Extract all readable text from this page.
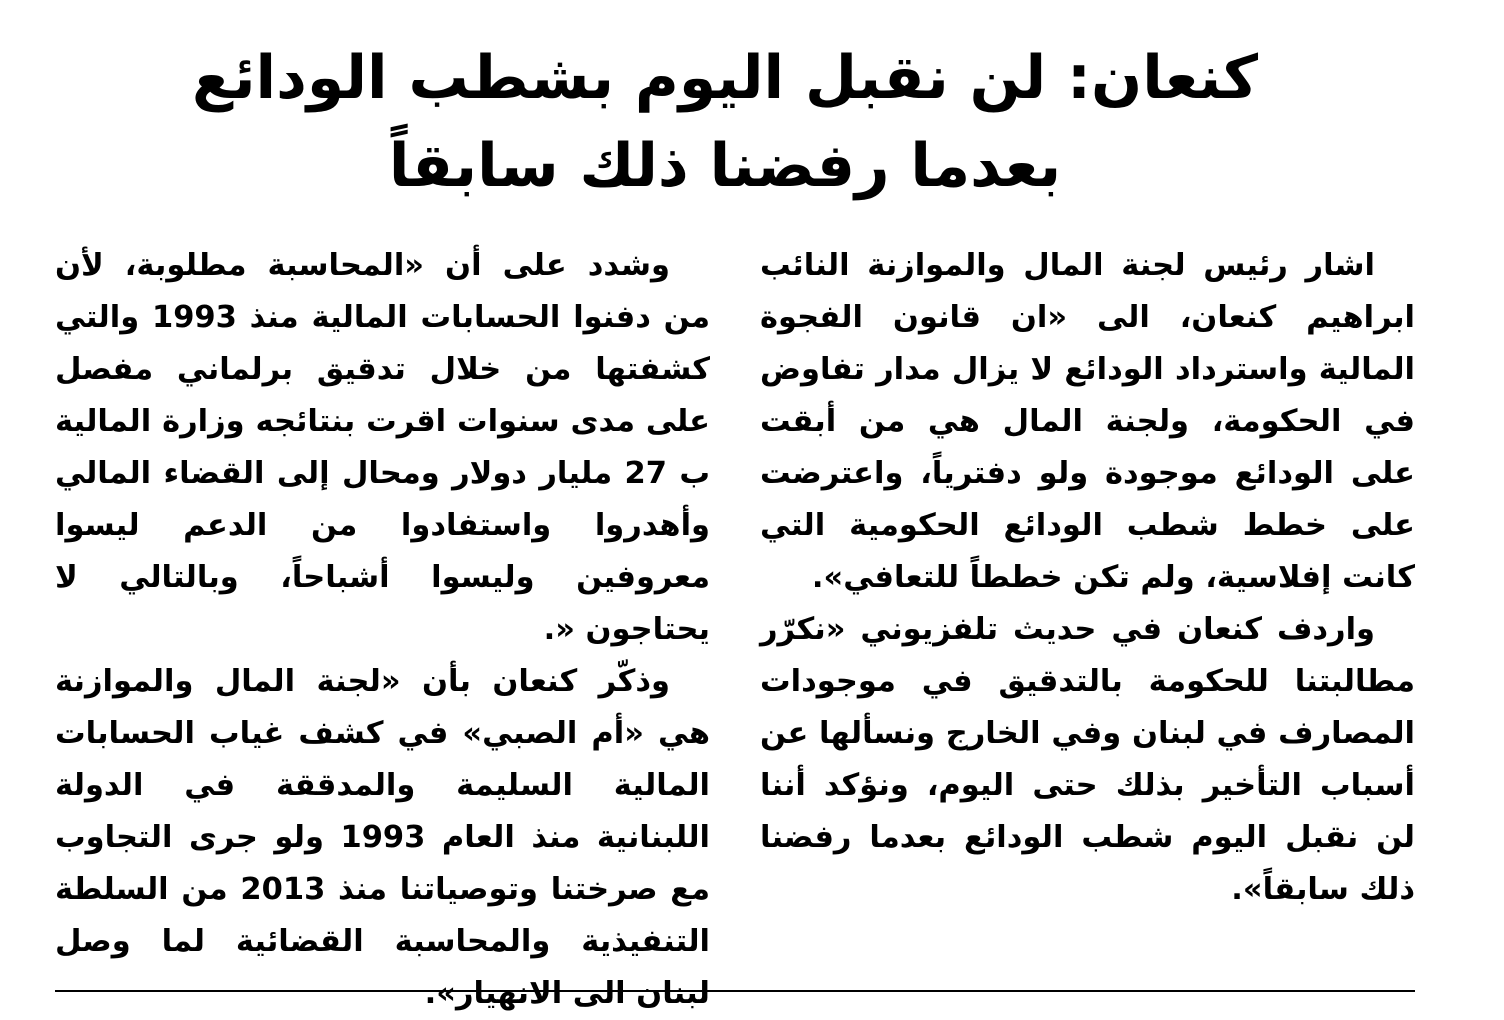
كنعان: لن نقبل اليوم بشطب الودائع
بعدما رفضنا ذلك سابقاً

اشار رئيس لجنة المال والموازنة النائب ابراهيم كنعان، الى «ان قانون الفجوة المالية واسترداد الودائع لا يزال مدار تفاوض في الحكومة، ولجنة المال هي من أبقت على الودائع موجودة ولو دفترياً، واعترضت على خطط شطب الودائع الحكومية التي كانت إفلاسية، ولم تكن خططاً للتعافي».

واردف كنعان في حديث تلفزيوني «نكرّر مطالبتنا للحكومة بالتدقيق في موجودات المصارف في لبنان وفي الخارج ونسألها عن أسباب التأخير بذلك حتى اليوم، ونؤكد أننا لن نقبل اليوم شطب الودائع بعدما رفضنا ذلك سابقاً».

وشدد على أن «المحاسبة مطلوبة، لأن من دفنوا الحسابات المالية منذ 1993 والتي كشفتها من خلال تدقيق برلماني مفصل على مدى سنوات اقرت بنتائجه وزارة المالية ب 27 مليار دولار ومحال إلى القضاء المالي وأهدروا واستفادوا من الدعم ليسوا معروفين وليسوا أشباحاً، وبالتالي لا يحتاجون «.

وذكّر كنعان بأن «لجنة المال والموازنة هي «أم الصبي» في كشف غياب الحسابات المالية السليمة والمدققة في الدولة اللبنانية منذ العام 1993 ولو جرى التجاوب مع صرختنا وتوصياتنا منذ 2013 من السلطة التنفيذية والمحاسبة القضائية لما وصل لبنان الى الانهيار».
